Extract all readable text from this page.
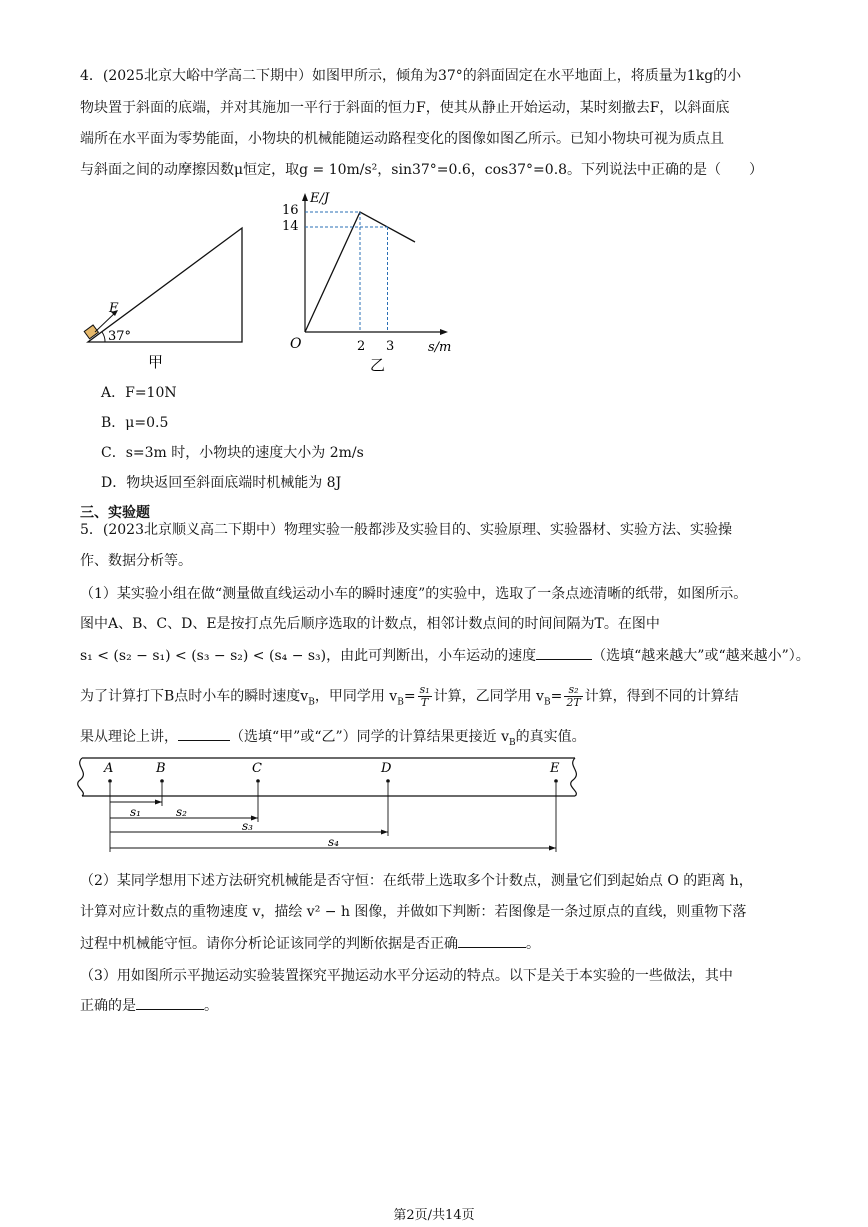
4．(2025北京大峪中学高二下期中）如图甲所示，倾角为37°的斜面固定在水平地面上，将质量为1kg的小
物块置于斜面的底端，并对其施加一平行于斜面的恒力F，使其从静止开始运动，某时刻撤去F，以斜面底
端所在水平面为零势能面，小物块的机械能随运动路程变化的图像如图乙所示。已知小物块可视为质点且
与斜面之间的动摩擦因数μ恒定，取g = 10m/s²，sin37°=0.6，cos37°=0.8。下列说法中正确的是（　　）
F
37°
甲
E/J
s/m
O
16
14
2 3
乙
A．F=10N
B．μ=0.5
C．s=3m 时，小物块的速度大小为 2m/s
D．物块返回至斜面底端时机械能为 8J
三、实验题
5．(2023北京顺义高二下期中）物理实验一般都涉及实验目的、实验原理、实验器材、实验方法、实验操
作、数据分析等。
（1）某实验小组在做“测量做直线运动小车的瞬时速度”的实验中，选取了一条点迹清晰的纸带，如图所示。
图中A、B、C、D、E是按打点先后顺序选取的计数点，相邻计数点间的时间间隔为T。在图中
s₁ < (s₂ − s₁) < (s₃ − s₂) < (s₄ − s₃)，由此可判断出，小车运动的速度	（选填“越来越大”或“越来越小”）。
为了计算打下B点时小车的瞬时速度$v_B$，甲同学用 $v_B= \frac{\text{s₁}}{T}$ 计算，乙同学用 $v_B= \frac{\text{s₂}}{2T}$ 计算，得到不同的计算结
果从理论上讲，	（选填“甲”或“乙”）同学的计算结果更接近 $v_B$的真实值。
A	B	C	D	E
s₁	s₂
s₃
s₄
（2）某同学想用下述方法研究机械能是否守恒：在纸带上选取多个计数点，测量它们到起始点 O 的距离 h，
计算对应计数点的重物速度 v，描绘 v² − h 图像，并做如下判断：若图像是一条过原点的直线，则重物下落
过程中机械能守恒。请你分析论证该同学的判断依据是否正确	。
（3）用如图所示平抛运动实验装置探究平抛运动水平分运动的特点。以下是关于本实验的一些做法，其中
正确的是	。
第2页/共14页
